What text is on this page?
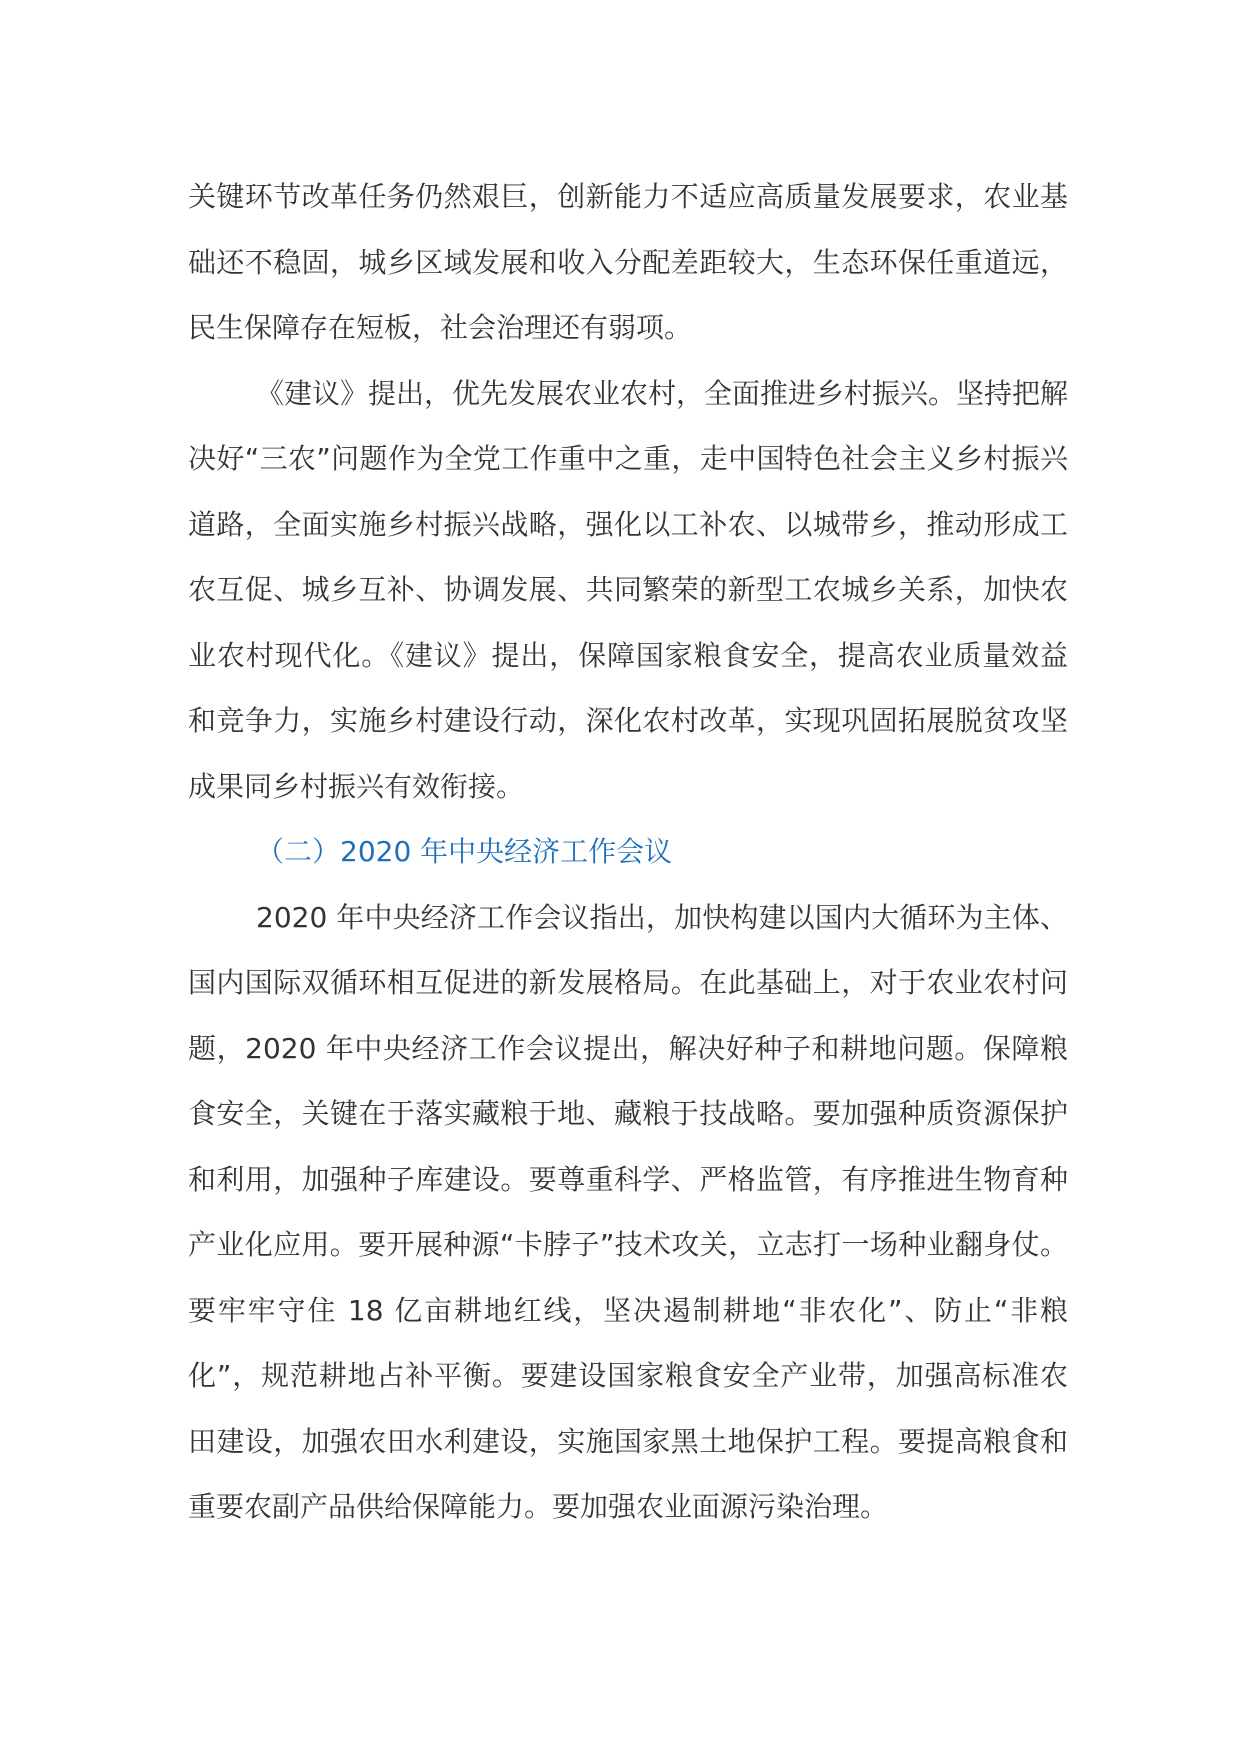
关键环节改革任务仍然艰巨，创新能力不适应高质量发展要求，农业基础还不稳固，城乡区域发展和收入分配差距较大，生态环保任重道远，民生保障存在短板，社会治理还有弱项。

《建议》提出，优先发展农业农村，全面推进乡村振兴。坚持把解决好“三农”问题作为全党工作重中之重，走中国特色社会主义乡村振兴道路，全面实施乡村振兴战略，强化以工补农、以城带乡，推动形成工农互促、城乡互补、协调发展、共同繁荣的新型工农城乡关系，加快农业农村现代化。《建议》提出，保障国家粮食安全，提高农业质量效益和竞争力，实施乡村建设行动，深化农村改革，实现巩固拓展脱贫攻坚成果同乡村振兴有效衔接。

（二）2020 年中央经济工作会议

2020 年中央经济工作会议指出，加快构建以国内大循环为主体、国内国际双循环相互促进的新发展格局。在此基础上，对于农业农村问题，2020 年中央经济工作会议提出，解决好种子和耕地问题。保障粮食安全，关键在于落实藏粮于地、藏粮于技战略。要加强种质资源保护和利用，加强种子库建设。要尊重科学、严格监管，有序推进生物育种产业化应用。要开展种源“卡脖子”技术攻关，立志打一场种业翻身仗。要牢牢守住 18 亿亩耕地红线，坚决遏制耕地“非农化”、防止“非粮化”，规范耕地占补平衡。要建设国家粮食安全产业带，加强高标准农田建设，加强农田水利建设，实施国家黑土地保护工程。要提高粮食和重要农副产品供给保障能力。要加强农业面源污染治理。
